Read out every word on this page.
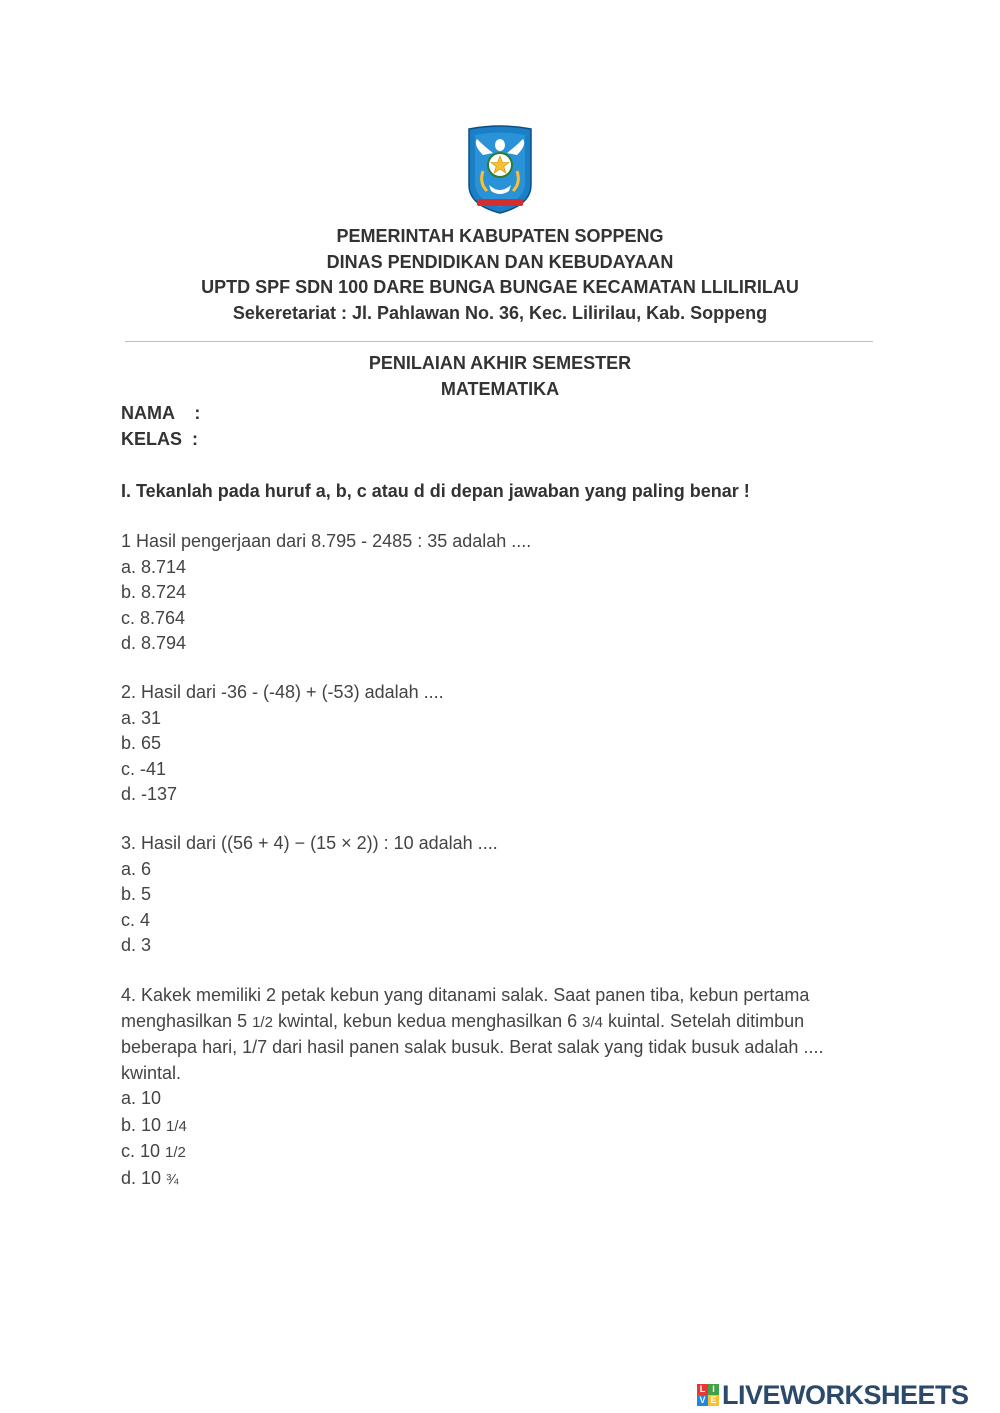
PEMERINTAH KABUPATEN SOPPENG
DINAS PENDIDIKAN DAN KEBUDAYAAN
UPTD SPF SDN 100 DARE BUNGA BUNGAE KECAMATAN LLILIRILAU
Sekeretariat : Jl. Pahlawan No. 36, Kec. Lilirilau, Kab. Soppeng
PENILAIAN AKHIR SEMESTER
MATEMATIKA
NAMA    :
KELAS  :
I. Tekanlah pada huruf a, b, c atau d di depan jawaban yang paling benar !
1 Hasil pengerjaan dari 8.795 - 2485 : 35 adalah ....
a. 8.714
b. 8.724
c. 8.764
d. 8.794
2. Hasil dari -36 - (-48) + (-53) adalah ....
a. 31
b. 65
c. -41
d. -137
3. Hasil dari ((56 + 4) − (15 × 2)) : 10 adalah ....
a. 6
b. 5
c. 4
d. 3
4. Kakek memiliki 2 petak kebun yang ditanami salak. Saat panen tiba, kebun pertama
menghasilkan 5 1/2 kwintal, kebun kedua menghasilkan 6 3/4 kuintal. Setelah ditimbun
beberapa hari, 1/7 dari hasil panen salak busuk. Berat salak yang tidak busuk adalah ....
kwintal.
a. 10
b. 10 1/4
c. 10 1/2
d. 10 ¾
L I
V E LIVEWORKSHEETS
